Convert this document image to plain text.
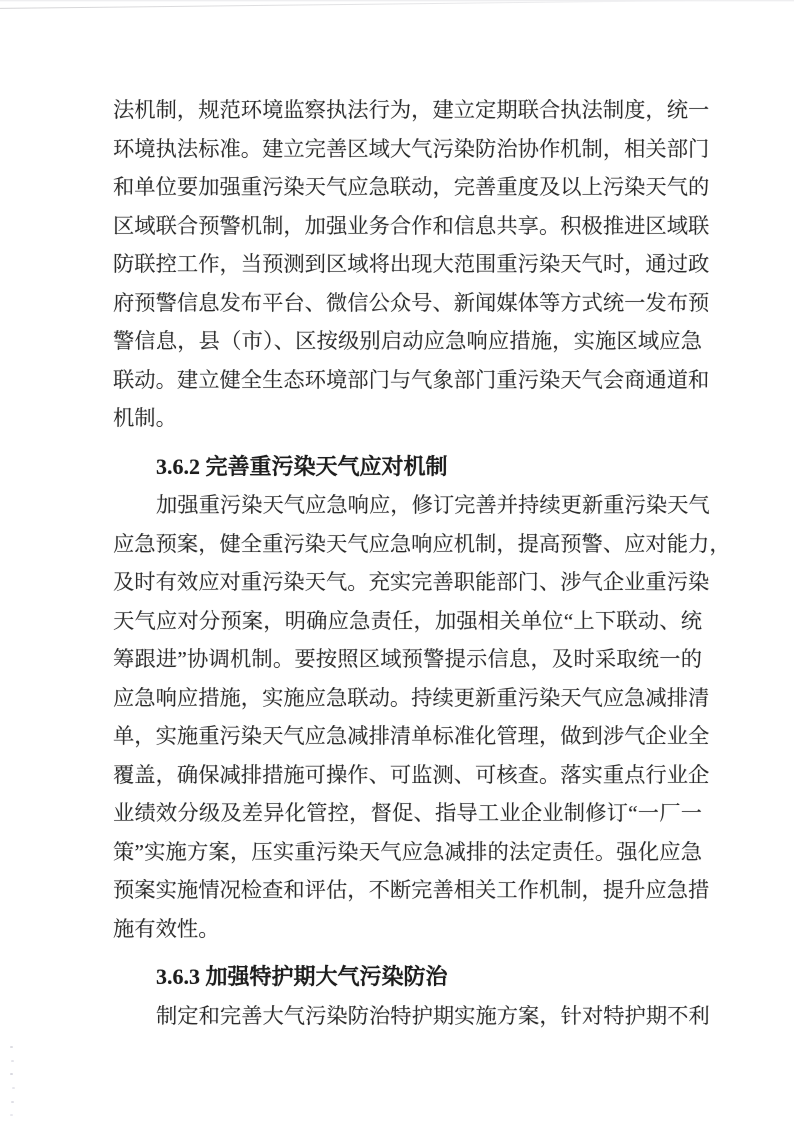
法机制，规范环境监察执法行为，建立定期联合执法制度，统一
环境执法标准。建立完善区域大气污染防治协作机制，相关部门
和单位要加强重污染天气应急联动，完善重度及以上污染天气的
区域联合预警机制，加强业务合作和信息共享。积极推进区域联
防联控工作，当预测到区域将出现大范围重污染天气时，通过政
府预警信息发布平台、微信公众号、新闻媒体等方式统一发布预
警信息，县（市）、区按级别启动应急响应措施，实施区域应急
联动。建立健全生态环境部门与气象部门重污染天气会商通道和
机制。
3.6.2 完善重污染天气应对机制
加强重污染天气应急响应，修订完善并持续更新重污染天气
应急预案，健全重污染天气应急响应机制，提高预警、应对能力，
及时有效应对重污染天气。充实完善职能部门、涉气企业重污染
天气应对分预案，明确应急责任，加强相关单位“上下联动、统
筹跟进”协调机制。要按照区域预警提示信息，及时采取统一的
应急响应措施，实施应急联动。持续更新重污染天气应急减排清
单，实施重污染天气应急减排清单标准化管理，做到涉气企业全
覆盖，确保减排措施可操作、可监测、可核查。落实重点行业企
业绩效分级及差异化管控，督促、指导工业企业制修订“一厂一
策”实施方案，压实重污染天气应急减排的法定责任。强化应急
预案实施情况检查和评估，不断完善相关工作机制，提升应急措
施有效性。
3.6.3 加强特护期大气污染防治
制定和完善大气污染防治特护期实施方案，针对特护期不利
